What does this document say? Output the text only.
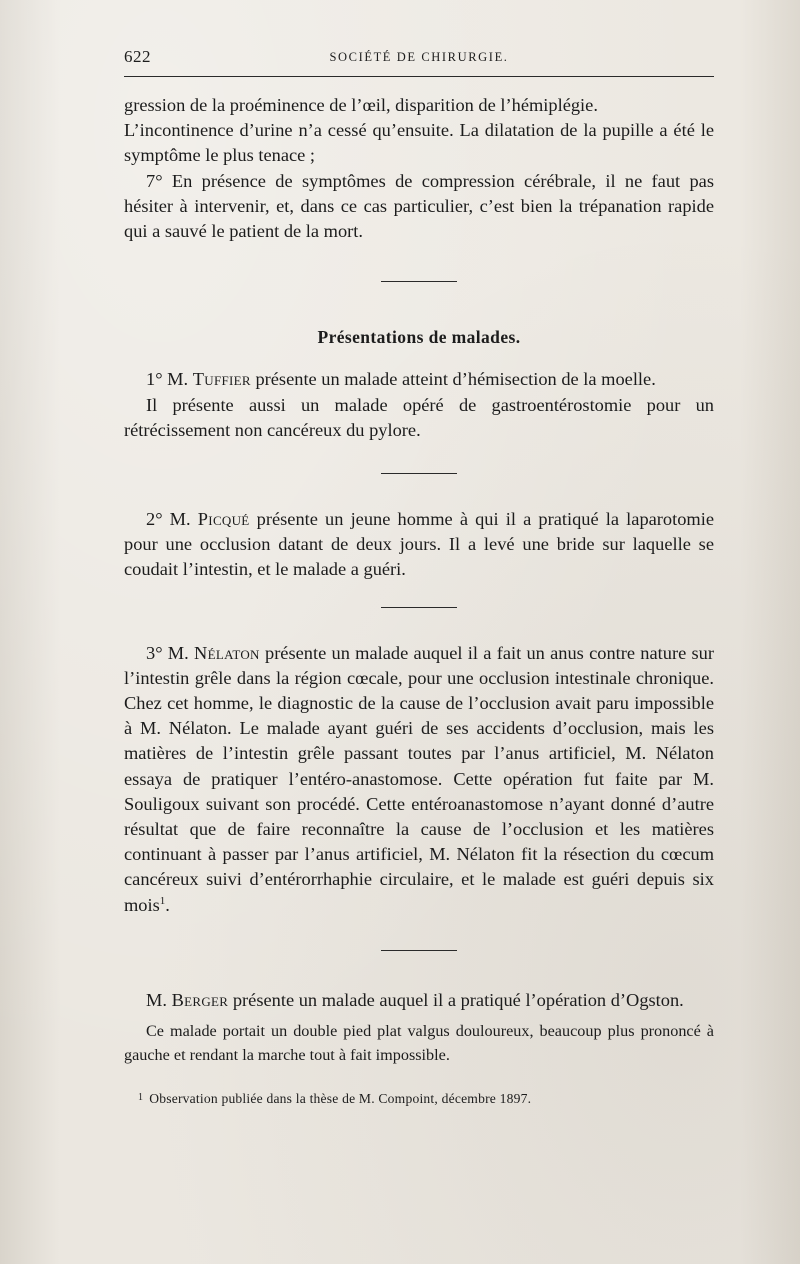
622	SOCIÉTÉ DE CHIRURGIE.

gression de la proéminence de l’œil, disparition de l’hémiplégie.

L’incontinence d’urine n’a cessé qu’ensuite. La dilatation de la pupille a été le symptôme le plus tenace ;

7° En présence de symptômes de compression cérébrale, il ne faut pas hésiter à intervenir, et, dans ce cas particulier, c’est bien la trépanation rapide qui a sauvé le patient de la mort.

Présentations de malades.

1° M. Tuffier présente un malade atteint d’hémisection de la moelle.

Il présente aussi un malade opéré de gastroentérostomie pour un rétrécissement non cancéreux du pylore.

2° M. Picqué présente un jeune homme à qui il a pratiqué la laparotomie pour une occlusion datant de deux jours. Il a levé une bride sur laquelle se coudait l’intestin, et le malade a guéri.

3° M. Nélaton présente un malade auquel il a fait un anus contre nature sur l’intestin grêle dans la région cœcale, pour une occlusion intestinale chronique. Chez cet homme, le diagnostic de la cause de l’occlusion avait paru impossible à M. Nélaton. Le malade ayant guéri de ses accidents d’occlusion, mais les matières de l’intestin grêle passant toutes par l’anus artificiel, M. Nélaton essaya de pratiquer l’entéro-anastomose. Cette opération fut faite par M. Souligoux suivant son procédé. Cette entéroanastomose n’ayant donné d’autre résultat que de faire reconnaître la cause de l’occlusion et les matières continuant à passer par l’anus artificiel, M. Nélaton fit la résection du cœcum cancéreux suivi d’entérorrhaphie circulaire, et le malade est guéri depuis six mois$^1$.

M. Berger présente un malade auquel il a pratiqué l’opération d’Ogston.

Ce malade portait un double pied plat valgus douloureux, beaucoup plus prononcé à gauche et rendant la marche tout à fait impossible.

$^1$ Observation publiée dans la thèse de M. Compoint, décembre 1897.
